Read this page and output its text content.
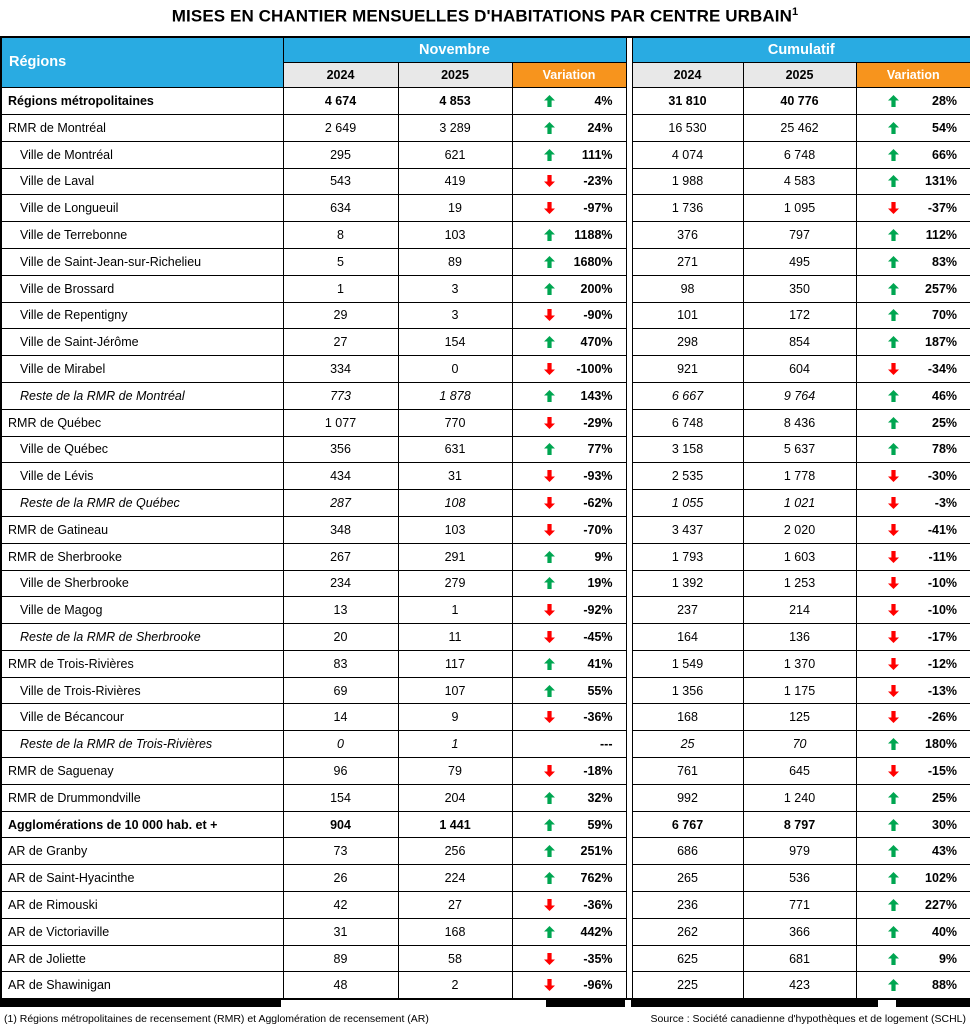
MISES EN CHANTIER MENSUELLES D'HABITATIONS PAR CENTRE URBAIN$^1$
Régions	Novembre				Cumulatif		
	2024	2025	Variation		2024	2025	Variation
Régions métropolitaines	4 674	4 853	4%		31 810	40 776	28%

RMR de Montréal	2 649	3 289	24%		16 530	25 462	54%

Ville de Montréal	295	621	111%		4 074	6 748	66%

Ville de Laval	543	419	-23%		1 988	4 583	131%

Ville de Longueuil	634	19	-97%		1 736	1 095	-37%

Ville de Terrebonne	8	103	1188%		376	797	112%

Ville de Saint-Jean-sur-Richelieu	5	89	1680%		271	495	83%

Ville de Brossard	1	3	200%		98	350	257%

Ville de Repentigny	29	3	-90%		101	172	70%

Ville de Saint-Jérôme	27	154	470%		298	854	187%

Ville de Mirabel	334	0	-100%		921	604	-34%

Reste de la RMR de Montréal	773	1 878	143%		6 667	9 764	46%

RMR de Québec	1 077	770	-29%		6 748	8 436	25%

Ville de Québec	356	631	77%		3 158	5 637	78%

Ville de Lévis	434	31	-93%		2 535	1 778	-30%

Reste de la RMR de Québec	287	108	-62%		1 055	1 021	-3%

RMR de Gatineau	348	103	-70%		3 437	2 020	-41%

RMR de Sherbrooke	267	291	9%		1 793	1 603	-11%

Ville de Sherbrooke	234	279	19%		1 392	1 253	-10%

Ville de Magog	13	1	-92%		237	214	-10%

Reste de la RMR de Sherbrooke	20	11	-45%		164	136	-17%

RMR de Trois-Rivières	83	117	41%		1 549	1 370	-12%

Ville de Trois-Rivières	69	107	55%		1 356	1 175	-13%

Ville de Bécancour	14	9	-36%		168	125	-26%

Reste de la RMR de Trois-Rivières	0	1	---		25	70	180%

RMR de Saguenay	96	79	-18%		761	645	-15%

RMR de Drummondville	154	204	32%		992	1 240	25%

Agglomérations de 10 000 hab. et +	904	1 441	59%		6 767	8 797	30%

AR de Granby	73	256	251%		686	979	43%

AR de Saint-Hyacinthe	26	224	762%		265	536	102%

AR de Rimouski	42	27	-36%		236	771	227%

AR de Victoriaville	31	168	442%		262	366	40%

AR de Joliette	89	58	-35%		625	681	9%

AR de Shawinigan	48	2	-96%		225	423	88%
(1) Régions métropolitaines de recensement (RMR) et Agglomération de recensement (AR)	Source : Société canadienne d'hypothèques et de logement (SCHL)
